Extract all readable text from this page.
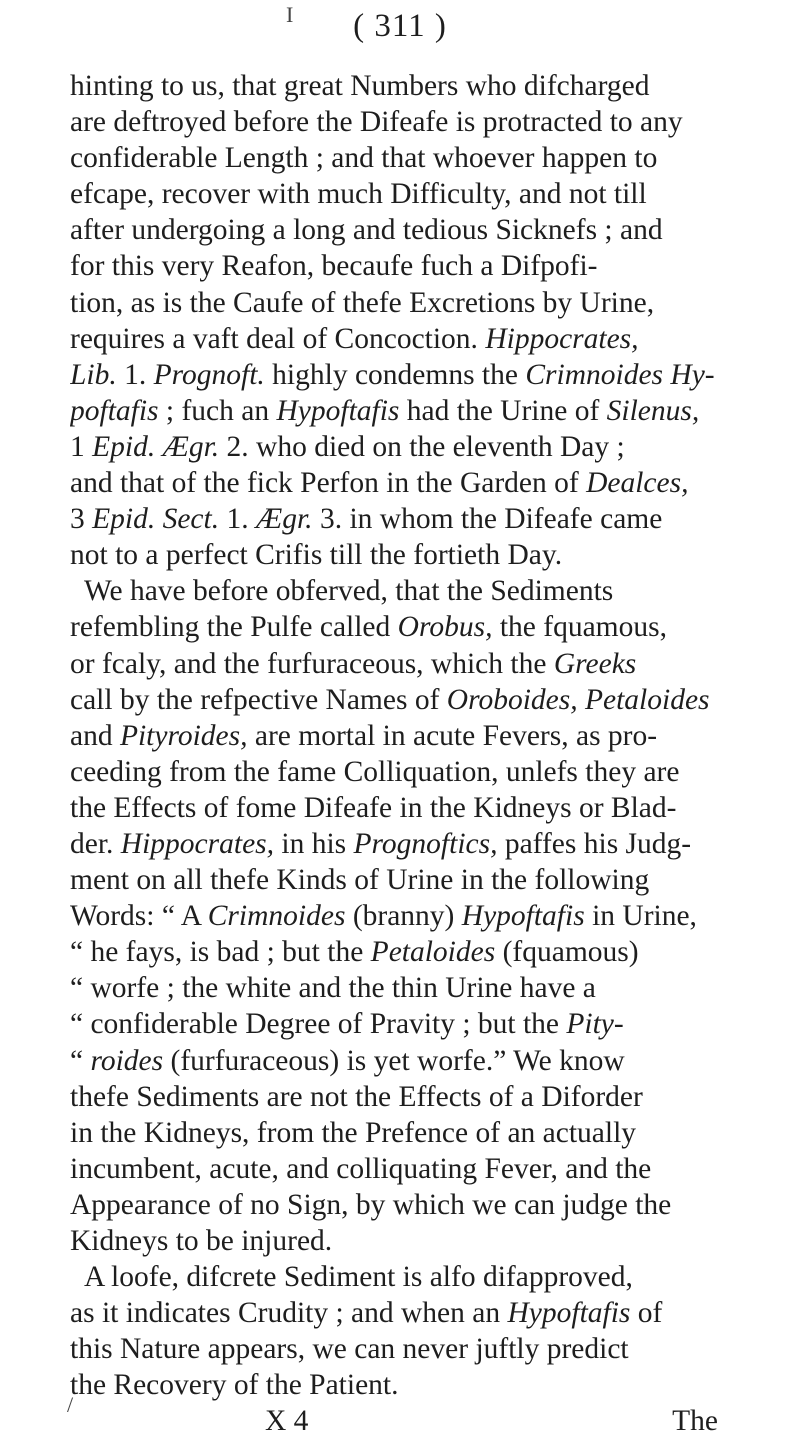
I	( 311 )
hinting to us, that great Numbers who difcharged
are deftroyed before the Difeafe is protracted to any
confiderable Length ; and that whoever happen to
efcape, recover with much Difficulty, and not till
after undergoing a long and tedious Sicknefs ; and
for this very Reafon, becaufe fuch a Difpofi-
tion, as is the Caufe of thefe Excretions by Urine,
requires a vaft deal of Concoction. Hippocrates,
Lib. 1. Prognoft. highly condemns the Crimnoides Hy-
poftafis ; fuch an Hypoftafis had the Urine of Silenus,
1 Epid. Ægr. 2. who died on the eleventh Day ;
and that of the fick Perfon in the Garden of Dealces,
3 Epid. Sect. 1. Ægr. 3. in whom the Difeafe came
not to a perfect Crifis till the fortieth Day.
We have before obferved, that the Sediments
refembling the Pulfe called Orobus, the fquamous,
or fcaly, and the furfuraceous, which the Greeks
call by the refpective Names of Oroboides, Petaloides
and Pityroides, are mortal in acute Fevers, as pro-
ceeding from the fame Colliquation, unlefs they are
the Effects of fome Difeafe in the Kidneys or Blad-
der. Hippocrates, in his Prognoftics, paffes his Judg-
ment on all thefe Kinds of Urine in the following
Words: “ A Crimnoides (branny) Hypoftafis in Urine,
“ he fays, is bad ; but the Petaloides (fquamous)
“ worfe ; the white and the thin Urine have a
“ confiderable Degree of Pravity ; but the Pity-
“ roides (furfuraceous) is yet worfe.” We know
thefe Sediments are not the Effects of a Diforder
in the Kidneys, from the Prefence of an actually
incumbent, acute, and colliquating Fever, and the
Appearance of no Sign, by which we can judge the
Kidneys to be injured.
A loofe, difcrete Sediment is alfo difapproved,
as it indicates Crudity ; and when an Hypoftafis of
this Nature appears, we can never juftly predict
the Recovery of the Patient.
X 4	The
/
